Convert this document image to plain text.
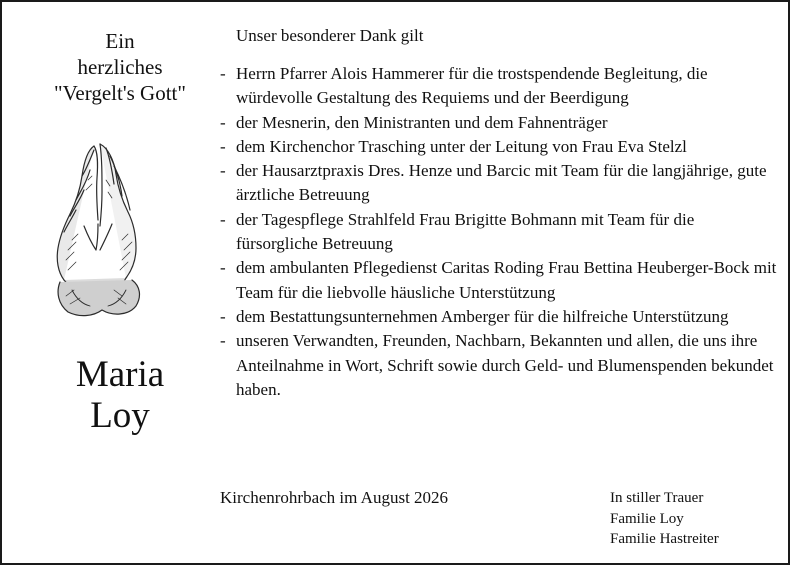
Ein
herzliches
"Vergelt's Gott"
Maria
Loy
Unser besonderer Dank gilt
- Herrn Pfarrer Alois Hammerer für die trostspendende Begleitung, die würdevolle Gestaltung des Requiems und der Beerdigung
- der Mesnerin, den Ministranten und dem Fahnenträger
- dem Kirchenchor Trasching unter der Leitung von Frau Eva Stelzl
- der Hausarztpraxis Dres. Henze und Barcic mit Team für die langjährige, gute ärztliche Betreuung
- der Tagespflege Strahlfeld Frau Brigitte Bohmann mit Team für die fürsorgliche Betreuung
- dem ambulanten Pflegedienst Caritas Roding Frau Bettina Heuberger-Bock mit Team für die liebvolle häusliche Unterstützung
- dem Bestattungsunternehmen Amberger für die hilfreiche Unterstützung
- unseren Verwandten, Freunden, Nachbarn, Bekannten und allen, die uns ihre Anteilnahme in Wort, Schrift sowie durch Geld- und Blumenspenden bekundet haben.
Kirchenrohrbach im August 2026	In stiller Trauer
Familie Loy
Familie Hastreiter
